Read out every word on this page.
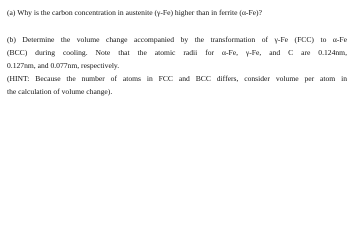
(a) Why is the carbon concentration in austenite (γ-Fe) higher than in ferrite (α-Fe)?
(b) Determine the volume change accompanied by the transformation of γ-Fe (FCC) to α-Fe
(BCC) during cooling. Note that the atomic radii for α-Fe, γ-Fe, and C are 0.124nm,
0.127nm, and 0.077nm, respectively.
(HINT: Because the number of atoms in FCC and BCC differs, consider volume per atom in
the calculation of volume change).
